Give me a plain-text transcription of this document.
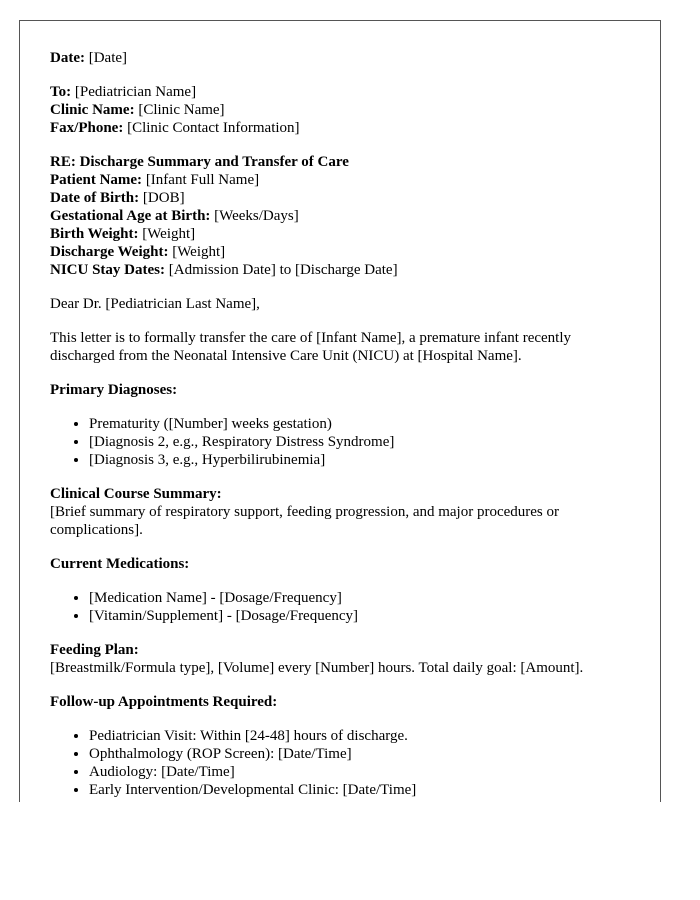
Date: [Date]
To: [Pediatrician Name]
Clinic Name: [Clinic Name]
Fax/Phone: [Clinic Contact Information]
RE: Discharge Summary and Transfer of Care
Patient Name: [Infant Full Name]
Date of Birth: [DOB]
Gestational Age at Birth: [Weeks/Days]
Birth Weight: [Weight]
Discharge Weight: [Weight]
NICU Stay Dates: [Admission Date] to [Discharge Date]
Dear Dr. [Pediatrician Last Name],
This letter is to formally transfer the care of [Infant Name], a premature infant recently discharged from the Neonatal Intensive Care Unit (NICU) at [Hospital Name].
Primary Diagnoses:
• Prematurity ([Number] weeks gestation)
• [Diagnosis 2, e.g., Respiratory Distress Syndrome]
• [Diagnosis 3, e.g., Hyperbilirubinemia]
Clinical Course Summary:
[Brief summary of respiratory support, feeding progression, and major procedures or complications].
Current Medications:
• [Medication Name] - [Dosage/Frequency]
• [Vitamin/Supplement] - [Dosage/Frequency]
Feeding Plan:
[Breastmilk/Formula type], [Volume] every [Number] hours. Total daily goal: [Amount].
Follow-up Appointments Required:
• Pediatrician Visit: Within [24-48] hours of discharge.
• Ophthalmology (ROP Screen): [Date/Time]
• Audiology: [Date/Time]
• Early Intervention/Developmental Clinic: [Date/Time]
